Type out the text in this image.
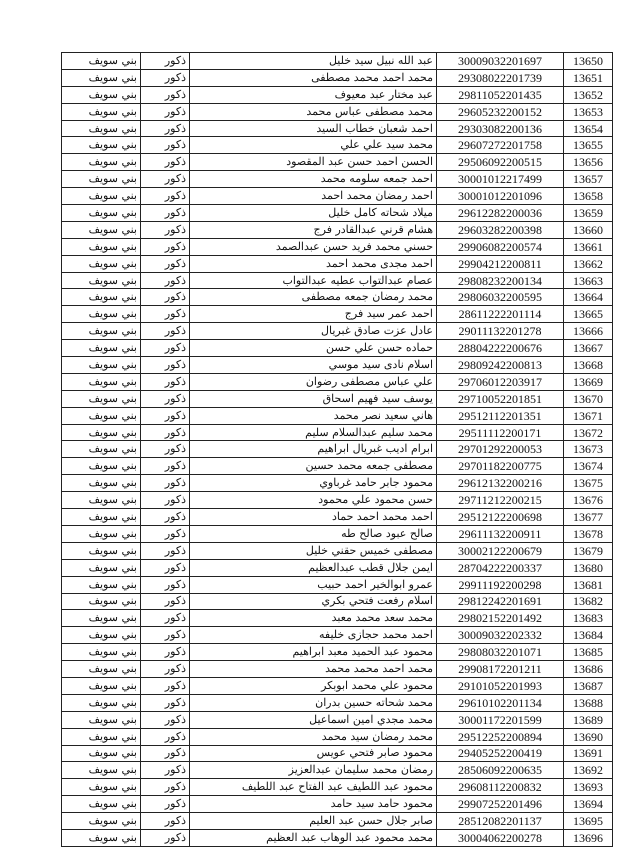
بني سويف	ذكور	عبد الله نبيل سيد خليل	30009032201697	13650
بني سويف	ذكور	محمد احمد محمد مصطفى	29308022201739	13651
بني سويف	ذكور	عبد مختار عبد معيوف	29811052201435	13652
بني سويف	ذكور	محمد مصطفى عباس محمد	29605232200152	13653
بني سويف	ذكور	احمد شعبان خطاب السيد	29303082200136	13654
بني سويف	ذكور	محمد سيد علي علي	29607272201758	13655
بني سويف	ذكور	الحسن احمد حسن عبد المقصود	29506092200515	13656
بني سويف	ذكور	احمد جمعه سلومه محمد	30001012217499	13657
بني سويف	ذكور	احمد رمضان محمد احمد	30001012201096	13658
بني سويف	ذكور	ميلاد شحاته كامل خليل	29612282200036	13659
بني سويف	ذكور	هشام قرني عبدالقادر فرج	29603282200398	13660
بني سويف	ذكور	حسني محمد فريد حسن عبدالصمد	29906082200574	13661
بني سويف	ذكور	احمد مجدى محمد احمد	29904212200811	13662
بني سويف	ذكور	عصام عبدالتواب عطيه عبدالتواب	29808232200134	13663
بني سويف	ذكور	محمد رمضان جمعه مصطفى	29806032200595	13664
بني سويف	ذكور	احمد عمر سيد فرج	28611222201114	13665
بني سويف	ذكور	عادل عزت صادق غبريال	29011132201278	13666
بني سويف	ذكور	حماده حسن علي حسن	28804222200676	13667
بني سويف	ذكور	اسلام نادى سيد موسي	29809242200813	13668
بني سويف	ذكور	علي عباس مصطفى رضوان	29706012203917	13669
بني سويف	ذكور	يوسف سيد فهيم اسحاق	29710052201851	13670
بني سويف	ذكور	هاني سعيد نصر محمد	29512112201351	13671
بني سويف	ذكور	محمد سليم عبدالسلام سليم	29511112200171	13672
بني سويف	ذكور	ابرام اديب غبريال ابراهيم	29701292200053	13673
بني سويف	ذكور	مصطفى جمعه محمد حسين	29701182200775	13674
بني سويف	ذكور	محمود جابر حامد غرباوي	29612132200216	13675
بني سويف	ذكور	حسن محمود علي محمود	29711212200215	13676
بني سويف	ذكور	احمد محمد احمد حماد	29512122200698	13677
بني سويف	ذكور	صالح عبود صالح طه	29611132200911	13678
بني سويف	ذكور	مصطفى خميس حقني خليل	30002122200679	13679
بني سويف	ذكور	ايمن جلال قطب عبدالعظيم	28704222200337	13680
بني سويف	ذكور	عمرو ابوالخير احمد حبيب	29911192200298	13681
بني سويف	ذكور	اسلام رفعت فتحي بكري	29812242201691	13682
بني سويف	ذكور	محمد سعد محمد معبد	29802152201492	13683
بني سويف	ذكور	احمد محمد حجازى خليفه	30009032202332	13684
بني سويف	ذكور	محمود عبد الحميد معبد ابراهيم	29808032201071	13685
بني سويف	ذكور	محمد احمد محمد محمد	29908172201211	13686
بني سويف	ذكور	محمود علي محمد ابوبكر	29101052201993	13687
بني سويف	ذكور	محمد شحاته حسين بدران	29610102201134	13688
بني سويف	ذكور	محمد مجدي امين اسماعيل	30001172201599	13689
بني سويف	ذكور	محمد رمضان سيد محمد	29512252200894	13690
بني سويف	ذكور	محمود صابر فتحي عويس	29405252200419	13691
بني سويف	ذكور	رمضان محمد سليمان عبدالعزيز	28506092200635	13692
بني سويف	ذكور	محمود عبد اللطيف عبد الفتاح عبد اللطيف	29608112200832	13693
بني سويف	ذكور	محمود حامد سيد حامد	29907252201496	13694
بني سويف	ذكور	صابر جلال حسن عبد العليم	28512082201137	13695
بني سويف	ذكور	محمد محمود عبد الوهاب عبد العظيم	30004062200278	13696
